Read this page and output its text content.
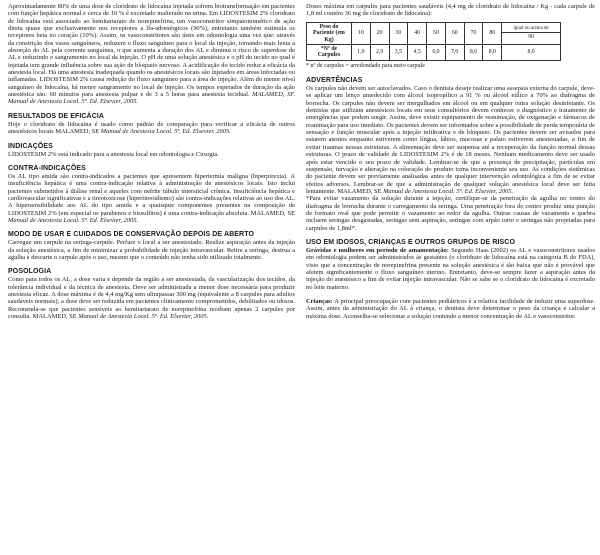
Aproximadamente 80% de uma dose de cloridrato de lidocaína injetada sofrem biotransformação em pacientes com função hepática normal e cerca de 10 % é excretado inalterado na urina. Em LIDOSTESIM 2% cloridrato de lidocaína está associado ao hemitartarato de norepinefrina, um vasoconstritor simpatomimético de ação direta quase que exclusivamente nos receptores a lfa-adrenérgicos (90%), entretanto também estimula os receptores beta no coração (10%). Assim, os vasoconstritores são úteis em odontologia uma vez que: através da constrição dos vasos sanguíneos, reduzem o fluxo sanguíneo para o local da injeção, tornando mais lenta a absorção do AL pela corrente sanguínea, o que aumenta a duração dos AL e diminui o risco de superdose de AL e reduzindo o sangramento no local da injeção. O pH de uma solução anestésica e o pH do tecido no qual é injetada tem grande influência sobre sua ação de bloqueio nervoso. A acidificação do tecido reduz a eficácia da anestesia local. Há uma anestesia inadequada quando os anestésicos locais são injetados em áreas infectadas ou inflamadas. LIDOSTESIM 2% causa redução do fluxo sanguíneo para a área de injeção. Além do menor nível sanguíneo de lidocaína, há menor sangramento no local de injeção. Os tempos esperados de duração da ação anestésica são: 60 minutos para anestesia pulpar e de 3 a 5 horas para anestesia tecidual. MALAMED, SF. Manual de Anestesia Local. 5ª. Ed. Elsevier, 2005.

RESULTADOS DE EFICÁCIA

Hoje o cloridrato de lidocaína é usado como padrão de comparação para verificar a eficácia de outros anestésicos locais MALAMED, SE Manual de Anestesia Local. 5ª. Ed. Elsevier, 2005.

INDICAÇÕES

LIDOSTESIM 2% está indicado para a anestesia local em odontologia e Cirurgia.

CONTRA-INDICAÇÕES

Os AL tipo amida são contra-indicados a pacientes que apresentem hipertermia maligna (hiperpirexia). A insuficiência hepática é uma contra-indicação relativa à administração de anestésicos locais. Isto inclui pacientes submetidos à diálise renal e aqueles com nefrite túbulo intersticial crônica. Insuficiência hepática e cardiovascular significativas e a tireotoxicose (hipertireoidismo) são contra-indicações relativas ao uso dos AL. A hipersensibilidade aos AL do tipo amida e a quaisquer componentes presentes na composição de LIDOSTESIM 2% (em especial os parabenos e bissulfitos) é uma contra-indicação absoluta. MALAMED, SE Manual de Anestesia Local. 5ª. Ed. Elsevier, 2005.

MODO DE USAR E CUIDADOS DE CONSERVAÇÃO DEPOIS DE ABERTO

Carregue um carpule na seringa-carpule. Perfure o local a ser anestesiado. Realize aspiração antes da injeção da solução anestésica, a fim de minimizar a probabilidade de injeção intravascular. Retire a seringa, destrua a agulha e descarte o carpule após o uso, mesmo que o conteúdo não tenha sido utilizado totalmente.

POSOLOGIA

Como para todos os AL, a dose varia e depende da região a ser anestesiada, da vascularização dos tecidos, da tolerância individual e da técnica de anestesia. Deve ser administrada a menor dose necessária para produzir anestesia eficaz. A dose máxima é de 4,4 mg/Kg sem ultrapassar 300 mg (equivalente a 8 carpules para adultos saudáveis normais); a dose deve ser reduzida em pacientes clinicamente comprometidos, debilitados ou idosos. Recomenda-se que pacientes sensíveis ao hemitartarato de norepinefrina recebam apenas 2 carpules por consulta. MALAMED, SE Manual de Anestesia Local. 5ª. Ed. Elsevier, 2005.

Doses máxima em carpules para pacientes saudáveis (4,4 mg de cloridrato de lidocaína / Kg - cada carpule de 1,8 ml contém 36 mg de cloridrato de lidocaína):

Peso do Paciente (em Kg)	10	20	30	40	50	60	70	80	igual ou acima de
90

*Nº de Carpules	1,0	2,0	3,5	4,5	6,0	7,0	8,0	8,0	8,0

* nº de carpules = arredondado para meio carpule

ADVERTÊNCIAS

Os carpules não devem ser autoclavados. Caso o dentista deseje realizar uma assepsia externa do carpule, deve-se aplicar um lenço umedecido com álcool isopropílico a 91 % ou álcool etílico a 70% ao diafragma de borracha. Os carpules não devem ser mergulhados em álcool ou em qualquer outra solução desinfetante. Os dentistas que utilizam anestésicos locais em seus consultórios devem conhecer o diagnóstico e tratamento de emergências que podem surgir. Assim, deve existir equipamento de reanimação, de oxigenação e fármacos de reanimação para uso imediato. Os pacientes devem ser informados sobre a possibilidade de perda temporária de sensação e função muscular após a injeção infiltrativa e de bloqueio. Os pacientes devem ser avisados para estarem atentos enquanto estiverem como língua, lábios, mucosas e palato estiverem anestesiadas, a fim de evitar traumas nessas estruturas. A alimentação deve ser suspensa até a recuperação da função normal dessas estruturas. O prazo de validade de LIDOSTESIM 2% é de 18 meses. Nenhum medicamento deve ser usado após estar vencido o seu prazo de validade. Lembrar-se de que a presença de precipitação, partículas em suspensão, turvação e alteração na coloração do produto torna inconveniente seu uso. As condições sistêmicas do paciente devem ser previamente analisadas antes de qualquer intervenção odontológica a fim de se evitar efeitos adversos. Lembrar-se de que a administração de qualquer solução anestésica local deve ser feita lentamente. MALAMED, SE Manual de Anestesia Local. 5ª. Ed. Elsevier, 2005.

*Para evitar vazamento da solução durante a injeção, certifique-se da penetração da agulha no centro do diafragma de borracha durante o carregamento da seringa. Uma penetração fora do centro produz uma punção de formato oval que pode permitir o vazamento ao redor da agulha. Outras causas de vazamento e quebra incluem seringas desgastadas, seringas sem aspiração, seringas com arpão torto e seringas não projetadas para carpules de 1,8ml*.

USO EM IDOSOS, CRIANÇAS E OUTROS GRUPOS DE RISCO

Grávidas e mulheres em período de amamentação: Segundo Haas (2002) os AL e vasoconstritores usados em odontologia podem ser administrados às gestantes (o cloridrato de lidocaína está na categoria B do FDA), visto que a concentração de norepinefrina presente na solução anestésica é tão baixa que não é provável que afetem significantemente o fluxo sanguíneo uterino. Entretanto, deve-se sempre fazer a aspiração antes da injeção do anestésico a fim de evitar injeção intravascular. Não se sabe se o cloridrato de lidocaína é excretado no leite materno.

Crianças: A principal preocupação com pacientes pediátricos é a relativa facilidade de induzir uma superdose. Assim, antes da administração do AL à criança, o dentista deve determinar o peso da criança e calcular a máxima dose. Aconselha-se selecionar a solução contendo a menor concentração de AL e vasoconstritor.
